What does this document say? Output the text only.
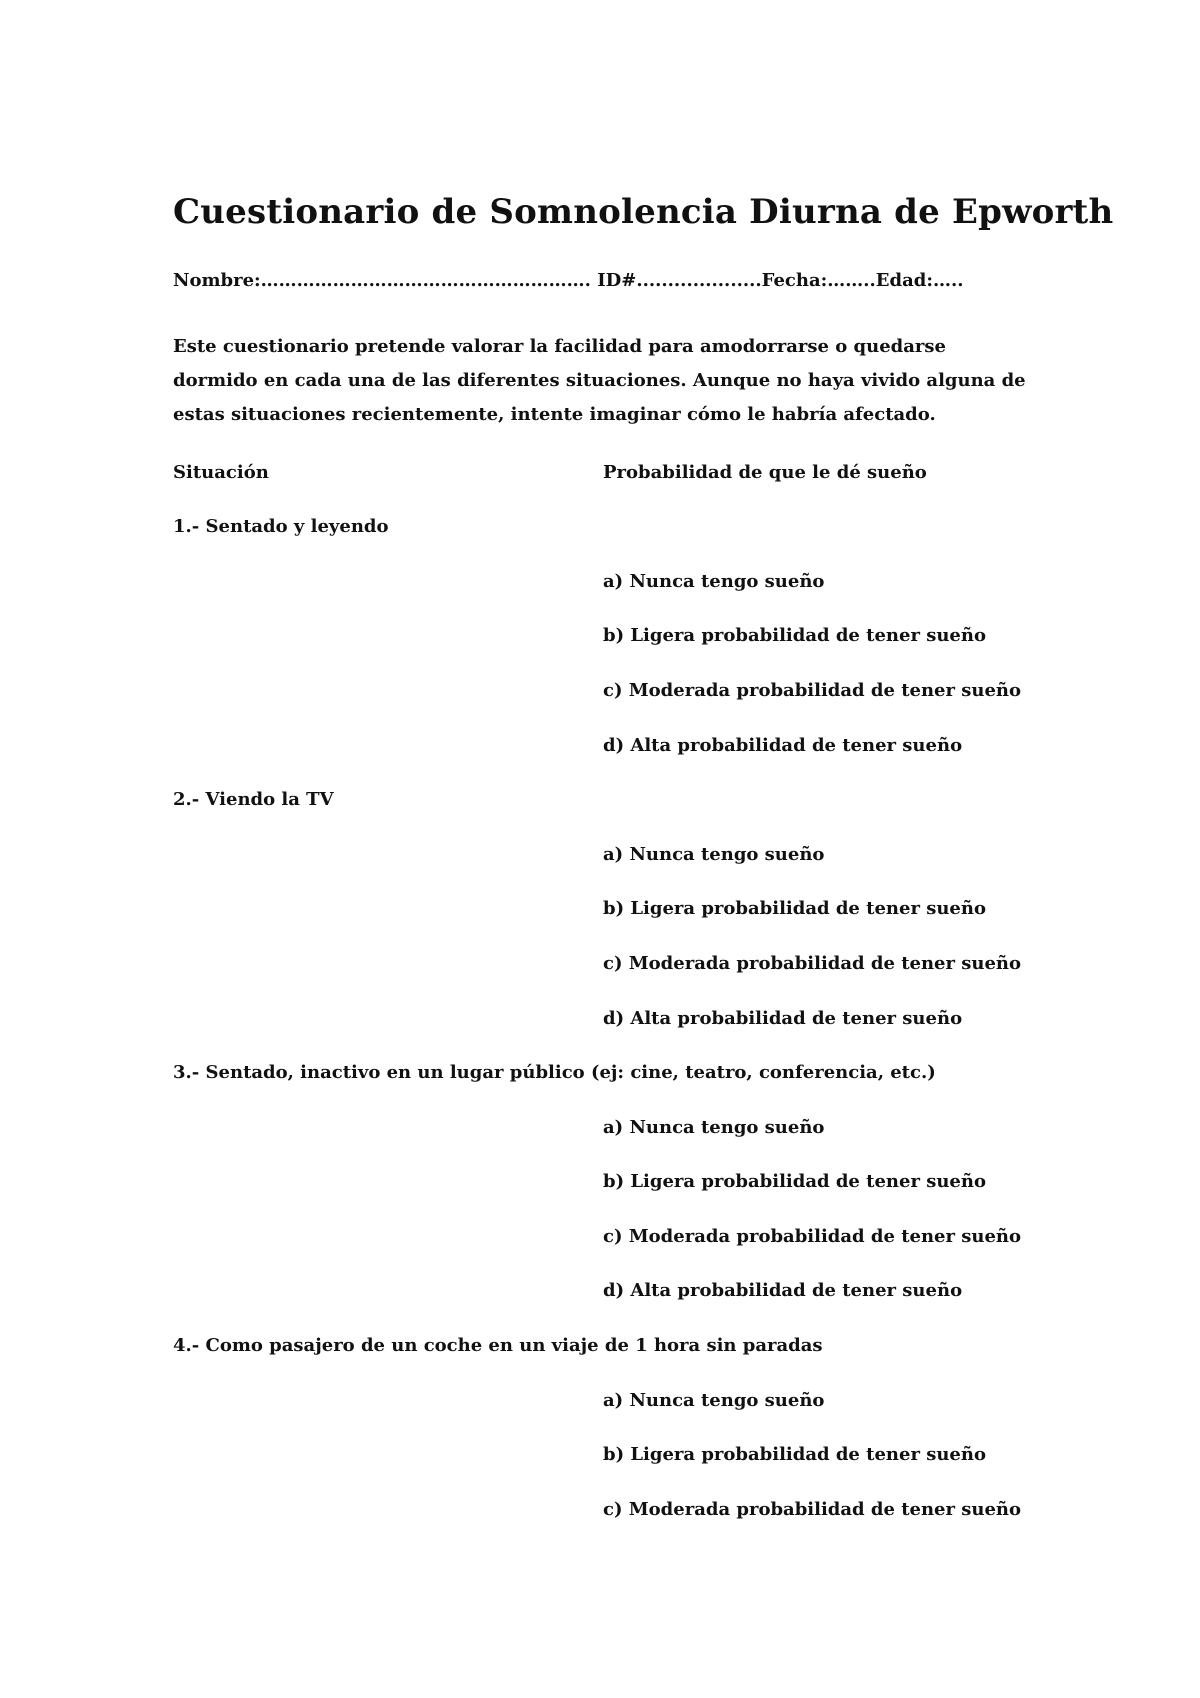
Cuestionario de Somnolencia Diurna de Epworth
Nombre:………………………………………………. ID#....................Fecha:……..Edad:…..

Este cuestionario pretende valorar la facilidad para amodorrarse o quedarse dormido en cada una de las diferentes situaciones. Aunque no haya vivido alguna de estas situaciones recientemente, intente imaginar cómo le habría afectado.

Situación	Probabilidad de que le dé sueño
1.- Sentado y leyendo
a) Nunca tengo sueño
b) Ligera probabilidad de tener sueño
c) Moderada probabilidad de tener sueño
d) Alta probabilidad de tener sueño
2.- Viendo la TV
a) Nunca tengo sueño
b) Ligera probabilidad de tener sueño
c) Moderada probabilidad de tener sueño
d) Alta probabilidad de tener sueño
3.- Sentado, inactivo en un lugar público (ej: cine, teatro, conferencia, etc.)
a) Nunca tengo sueño
b) Ligera probabilidad de tener sueño
c) Moderada probabilidad de tener sueño
d) Alta probabilidad de tener sueño
4.- Como pasajero de un coche en un viaje de 1 hora sin paradas
a) Nunca tengo sueño
b) Ligera probabilidad de tener sueño
c) Moderada probabilidad de tener sueño
